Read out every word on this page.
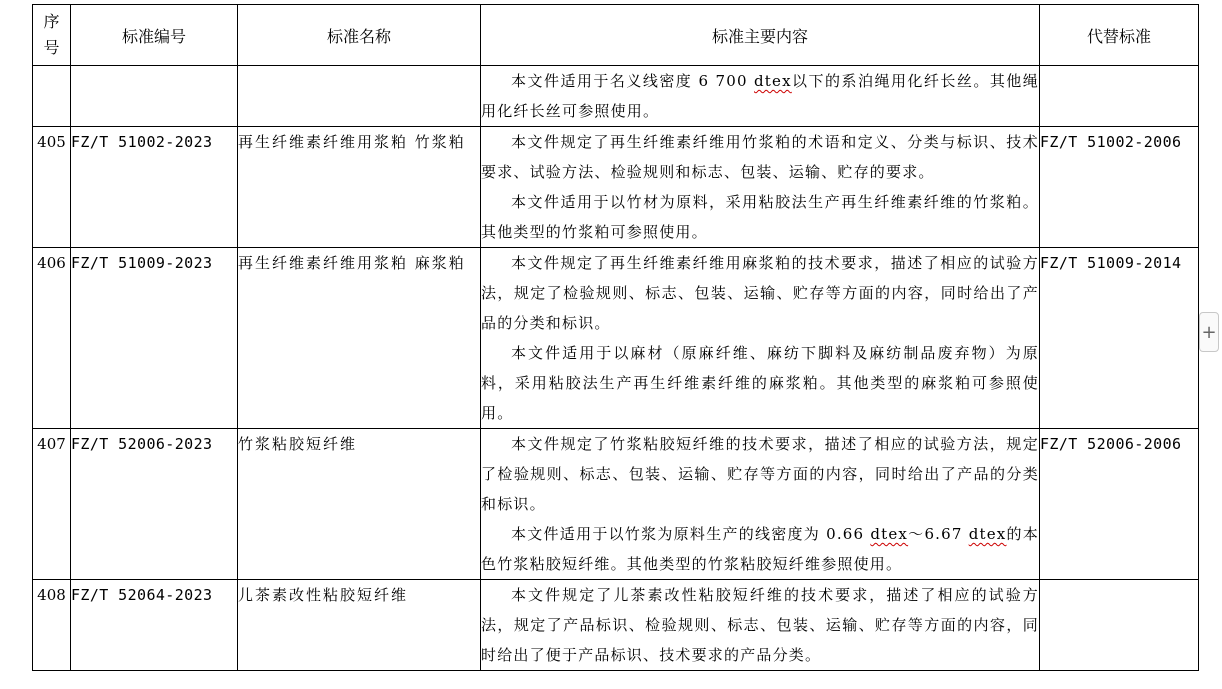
序
号	标准编号	标准名称	标准主要内容	代替标准

			本文件适用于名义线密度 6 700 dtex以下的系泊绳用化纤长丝。其他绳用化纤长丝可参照使用。	

405	FZ/T 51002-2023	再生纤维素纤维用浆粕 竹浆粕	本文件规定了再生纤维素纤维用竹浆粕的术语和定义、分类与标识、技术要求、试验方法、检验规则和标志、包装、运输、贮存的要求。

本文件适用于以竹材为原料，采用粘胶法生产再生纤维素纤维的竹浆粕。其他类型的竹浆粕可参照使用。	FZ/T 51002-2006
406	FZ/T 51009-2023	再生纤维素纤维用浆粕 麻浆粕	本文件规定了再生纤维素纤维用麻浆粕的技术要求，描述了相应的试验方法，规定了检验规则、标志、包装、运输、贮存等方面的内容，同时给出了产品的分类和标识。

本文件适用于以麻材（原麻纤维、麻纺下脚料及麻纺制品废弃物）为原料，采用粘胶法生产再生纤维素纤维的麻浆粕。其他类型的麻浆粕可参照使用。	FZ/T 51009-2014
407	FZ/T 52006-2023	竹浆粘胶短纤维	本文件规定了竹浆粘胶短纤维的技术要求，描述了相应的试验方法，规定了检验规则、标志、包装、运输、贮存等方面的内容，同时给出了产品的分类和标识。

本文件适用于以竹浆为原料生产的线密度为 0.66 dtex～6.67 dtex的本色竹浆粘胶短纤维。其他类型的竹浆粘胶短纤维参照使用。	FZ/T 52006-2006
408	FZ/T 52064-2023	儿茶素改性粘胶短纤维	本文件规定了儿茶素改性粘胶短纤维的技术要求，描述了相应的试验方法，规定了产品标识、检验规则、标志、包装、运输、贮存等方面的内容，同时给出了便于产品标识、技术要求的产品分类。	

+
